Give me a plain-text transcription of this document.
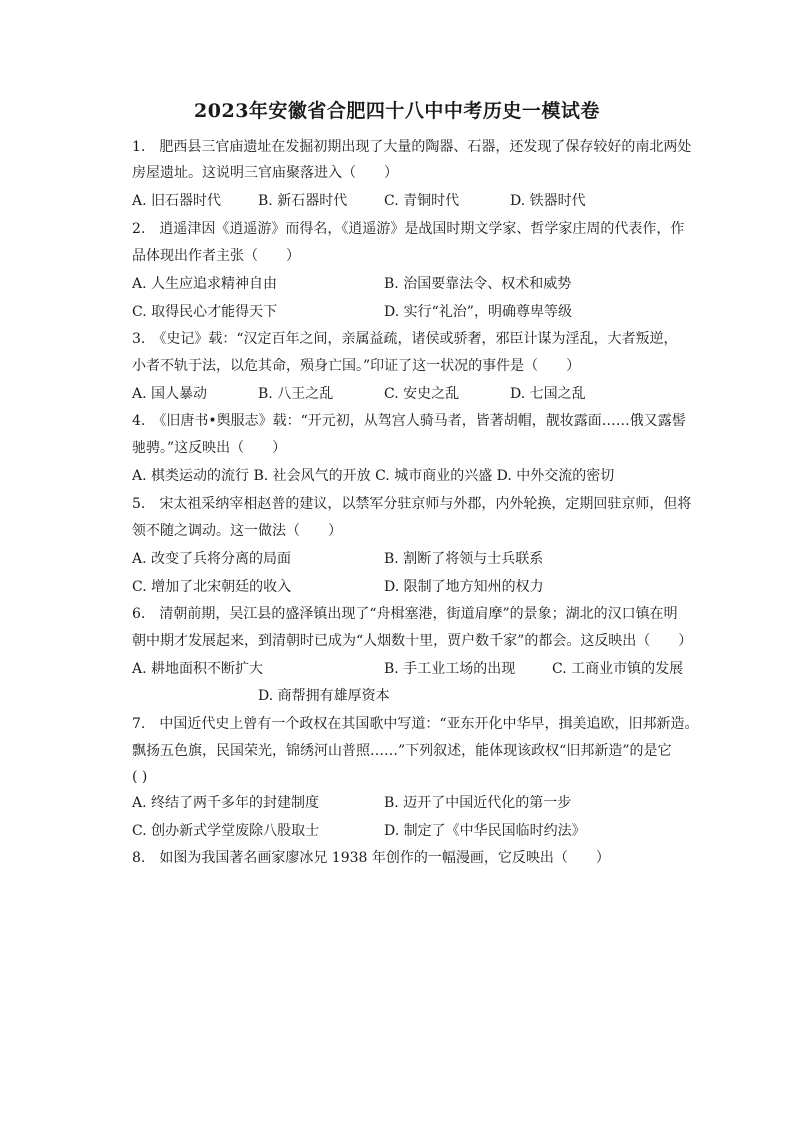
2023年安徽省合肥四十八中中考历史一模试卷
1.　肥西县三官庙遗址在发掘初期出现了大量的陶器、石器，还发现了保存较好的南北两处
房屋遗址。这说明三官庙聚落进入（　　）
A. 旧石器时代	B. 新石器时代	C. 青铜时代	D. 铁器时代
2.　逍遥津因《逍遥游》而得名，《逍遥游》是战国时期文学家、哲学家庄周的代表作，作
品体现出作者主张（　　）
A. 人生应追求精神自由	B. 治国要靠法令、权术和威势
C. 取得民心才能得天下	D. 实行“礼治”，明确尊卑等级
3.　《史记》载：“汉定百年之间，亲属益疏，诸侯或骄奢，邪臣计谋为淫乱，大者叛逆，
小者不轨于法，以危其命，殒身亡国。”印证了这一状况的事件是（　　）
A. 国人暴动	B. 八王之乱	C. 安史之乱	D. 七国之乱
4.　《旧唐书•舆服志》载：“开元初，从驾宫人骑马者，皆著胡帽，靓妆露面……俄又露髻
驰骋。”这反映出（　　）
A. 棋类运动的流行 B. 社会风气的开放 C. 城市商业的兴盛 D. 中外交流的密切
5.　宋太祖采纳宰相赵普的建议，以禁军分驻京师与外郡，内外轮换，定期回驻京师，但将
领不随之调动。这一做法（　　）
A. 改变了兵将分离的局面	B. 割断了将领与士兵联系
C. 增加了北宋朝廷的收入	D. 限制了地方知州的权力
6.　清朝前期，吴江县的盛泽镇出现了“舟楫塞港，街道肩摩”的景象；湖北的汉口镇在明
朝中期才发展起来，到清朝时已成为“人烟数十里，贾户数千家”的都会。这反映出（　　）
A. 耕地面积不断扩大	B. 手工业工场的出现	C. 工商业市镇的发展
D. 商帮拥有雄厚资本
7.　中国近代史上曾有一个政权在其国歌中写道：“亚东开化中华早，揖美追欧，旧邦新造。
飘扬五色旗，民国荣光，锦绣河山普照……”下列叙述，能体现该政权“旧邦新造”的是它
( )
A. 终结了两千多年的封建制度	B. 迈开了中国近代化的第一步
C. 创办新式学堂废除八股取士	D. 制定了《中华民国临时约法》
8.　如图为我国著名画家廖冰兄 1938 年创作的一幅漫画，它反映出（　　）
